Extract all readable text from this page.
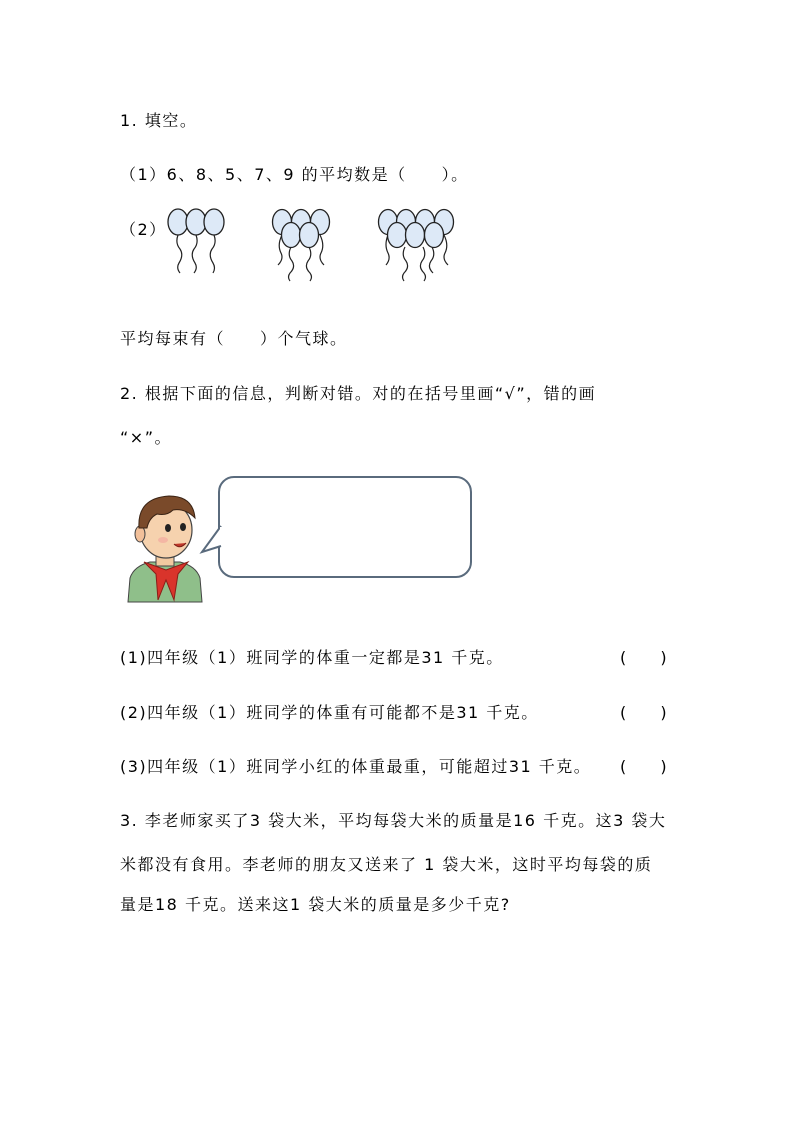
1. 填空。
（1）6、8、5、7、9 的平均数是（　　）。
（2）
平均每束有（　　）个气球。
2. 根据下面的信息，判断对错。对的在括号里画“√”，错的画
“×”。
(1)四年级（1）班同学的体重一定都是31 千克。	(　  )
(2)四年级（1）班同学的体重有可能都不是31 千克。	(　  )
(3)四年级（1）班同学小红的体重最重，可能超过31 千克。 (　  )
3. 李老师家买了3 袋大米，平均每袋大米的质量是16 千克。这3 袋大
米都没有食用。李老师的朋友又送来了 1 袋大米，这时平均每袋的质
量是18 千克。送来这1 袋大米的质量是多少千克?
